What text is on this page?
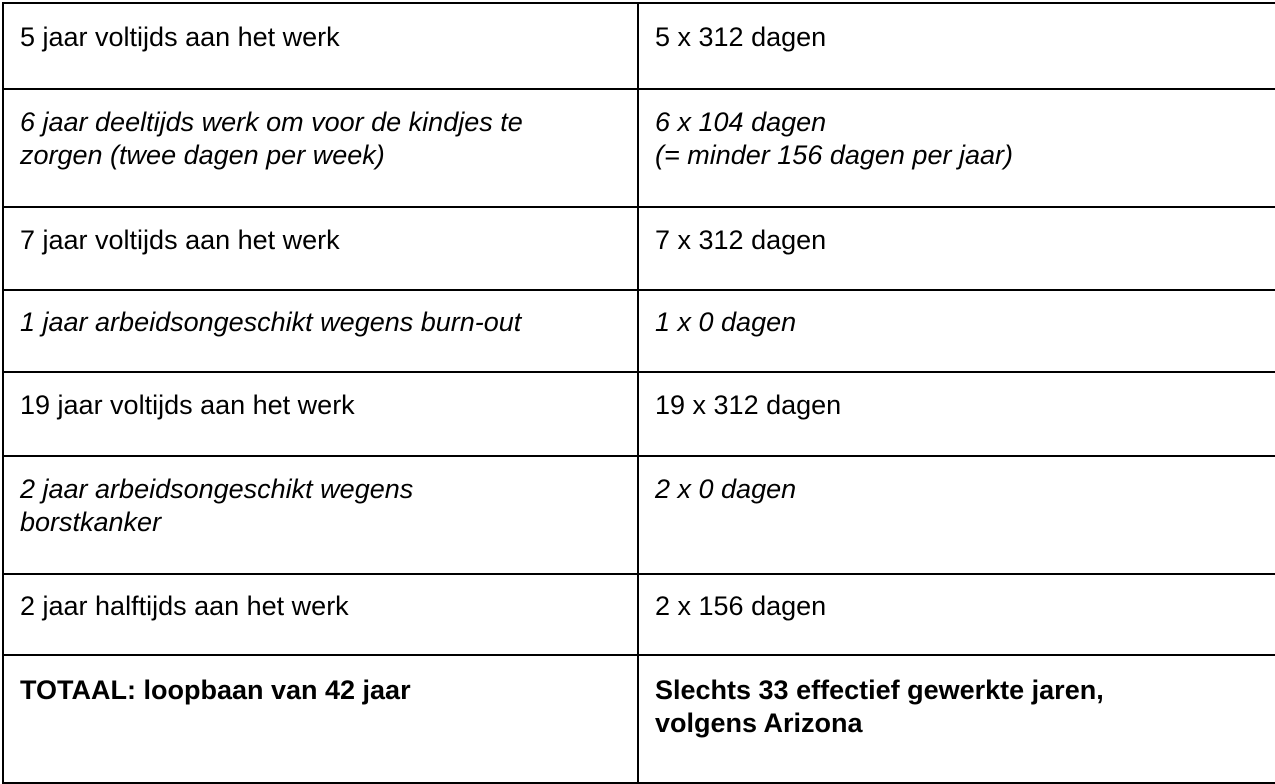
5 jaar voltijds aan het werk	5 x 312 dagen

6 jaar deeltijds werk om voor de kindjes te
zorgen (twee dagen per week)	6 x 104 dagen
(= minder 156 dagen per jaar)

7 jaar voltijds aan het werk	7 x 312 dagen

1 jaar arbeidsongeschikt wegens burn-out	1 x 0 dagen

19 jaar voltijds aan het werk	19 x 312 dagen

2 jaar arbeidsongeschikt wegens
borstkanker	2 x 0 dagen

2 jaar halftijds aan het werk	2 x 156 dagen

TOTAAL: loopbaan van 42 jaar	Slechts 33 effectief gewerkte jaren,
volgens Arizona
